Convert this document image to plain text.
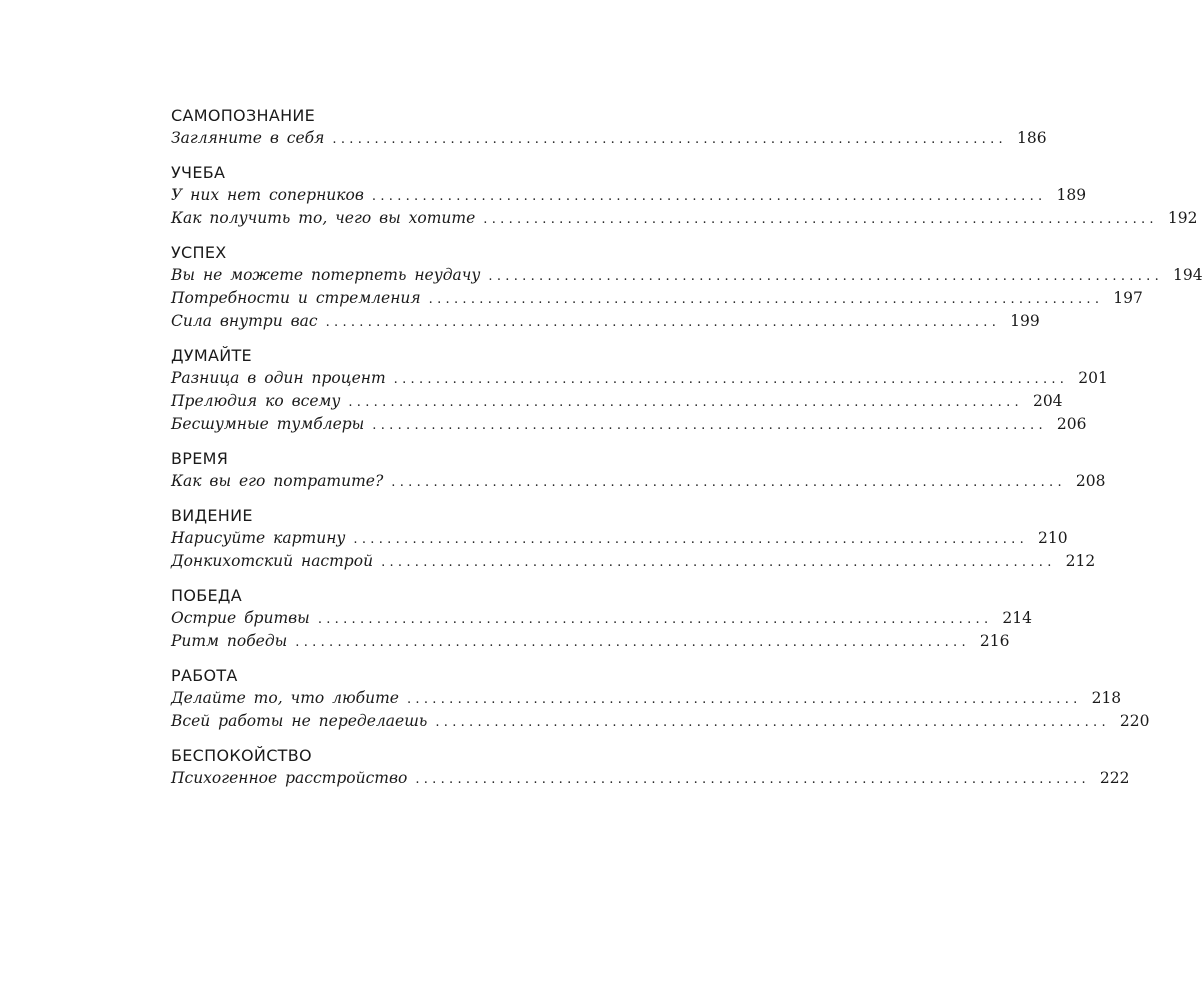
САМОПОЗНАНИЕ
Загляните в себя ................................................................................ 186
УЧЕБА
У них нет соперников ................................................................................ 189
Как получить то, чего вы хотите ................................................................................ 192
УСПЕХ
Вы не можете потерпеть неудачу ................................................................................ 194
Потребности и стремления ................................................................................ 197
Сила внутри вас ................................................................................ 199
ДУМАЙТЕ
Разница в один процент ................................................................................ 201
Прелюдия ко всему ................................................................................ 204
Бесшумные тумблеры ................................................................................ 206
ВРЕМЯ
Как вы его потратите? ................................................................................ 208
ВИДЕНИЕ
Нарисуйте картину ................................................................................ 210
Донкихотский настрой ................................................................................ 212
ПОБЕДА
Острие бритвы ................................................................................ 214
Ритм победы ................................................................................ 216
РАБОТА
Делайте то, что любите ................................................................................ 218
Всей работы не переделаешь ................................................................................ 220
БЕСПОКОЙСТВО
Психогенное расстройство ................................................................................ 222
